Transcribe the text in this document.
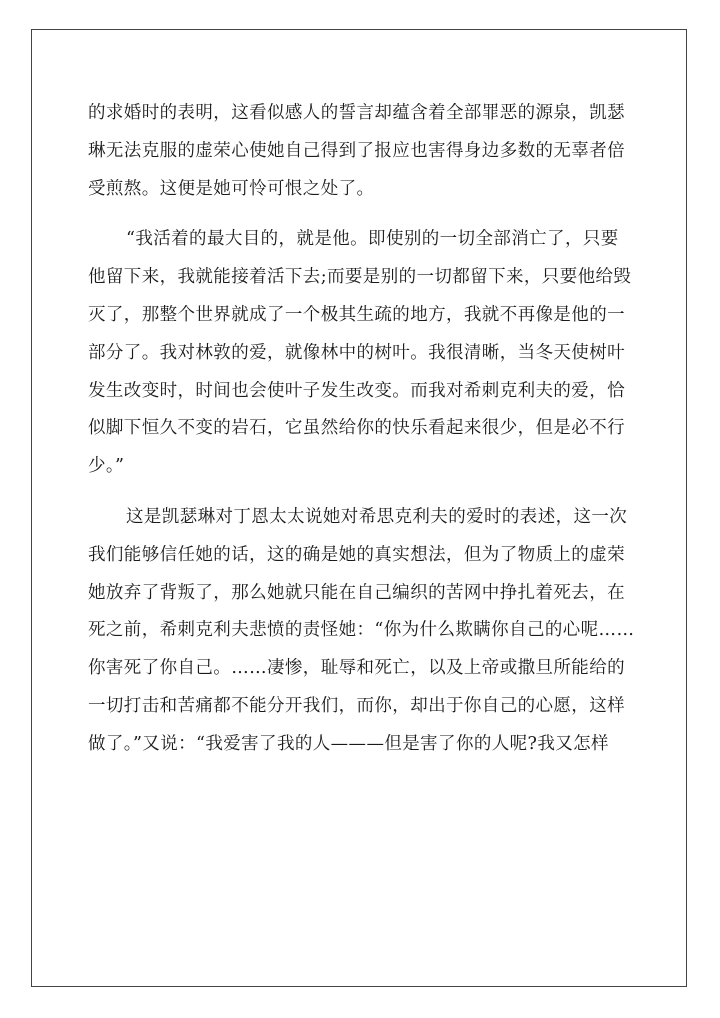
的求婚时的表明，这看似感人的誓言却蕴含着全部罪恶的源泉，凯瑟
琳无法克服的虚荣心使她自己得到了报应也害得身边多数的无辜者倍
受煎熬。这便是她可怜可恨之处了。
“我活着的最大目的，就是他。即使别的一切全部消亡了，只要
他留下来，我就能接着活下去;而要是别的一切都留下来，只要他给毁
灭了，那整个世界就成了一个极其生疏的地方，我就不再像是他的一
部分了。我对林敦的爱，就像林中的树叶。我很清晰，当冬天使树叶
发生改变时，时间也会使叶子发生改变。而我对希刺克利夫的爱，恰
似脚下恒久不变的岩石，它虽然给你的快乐看起来很少，但是必不行
少。”
这是凯瑟琳对丁恩太太说她对希思克利夫的爱时的表述，这一次
我们能够信任她的话，这的确是她的真实想法，但为了物质上的虚荣
她放弃了背叛了，那么她就只能在自己编织的苦网中挣扎着死去，在
死之前，希刺克利夫悲愤的责怪她：“你为什么欺瞒你自己的心呢……
你害死了你自己。……凄惨，耻辱和死亡，以及上帝或撒旦所能给的
一切打击和苦痛都不能分开我们，而你，却出于你自己的心愿，这样
做了。”又说：“我爱害了我的人———但是害了你的人呢?我又怎样
